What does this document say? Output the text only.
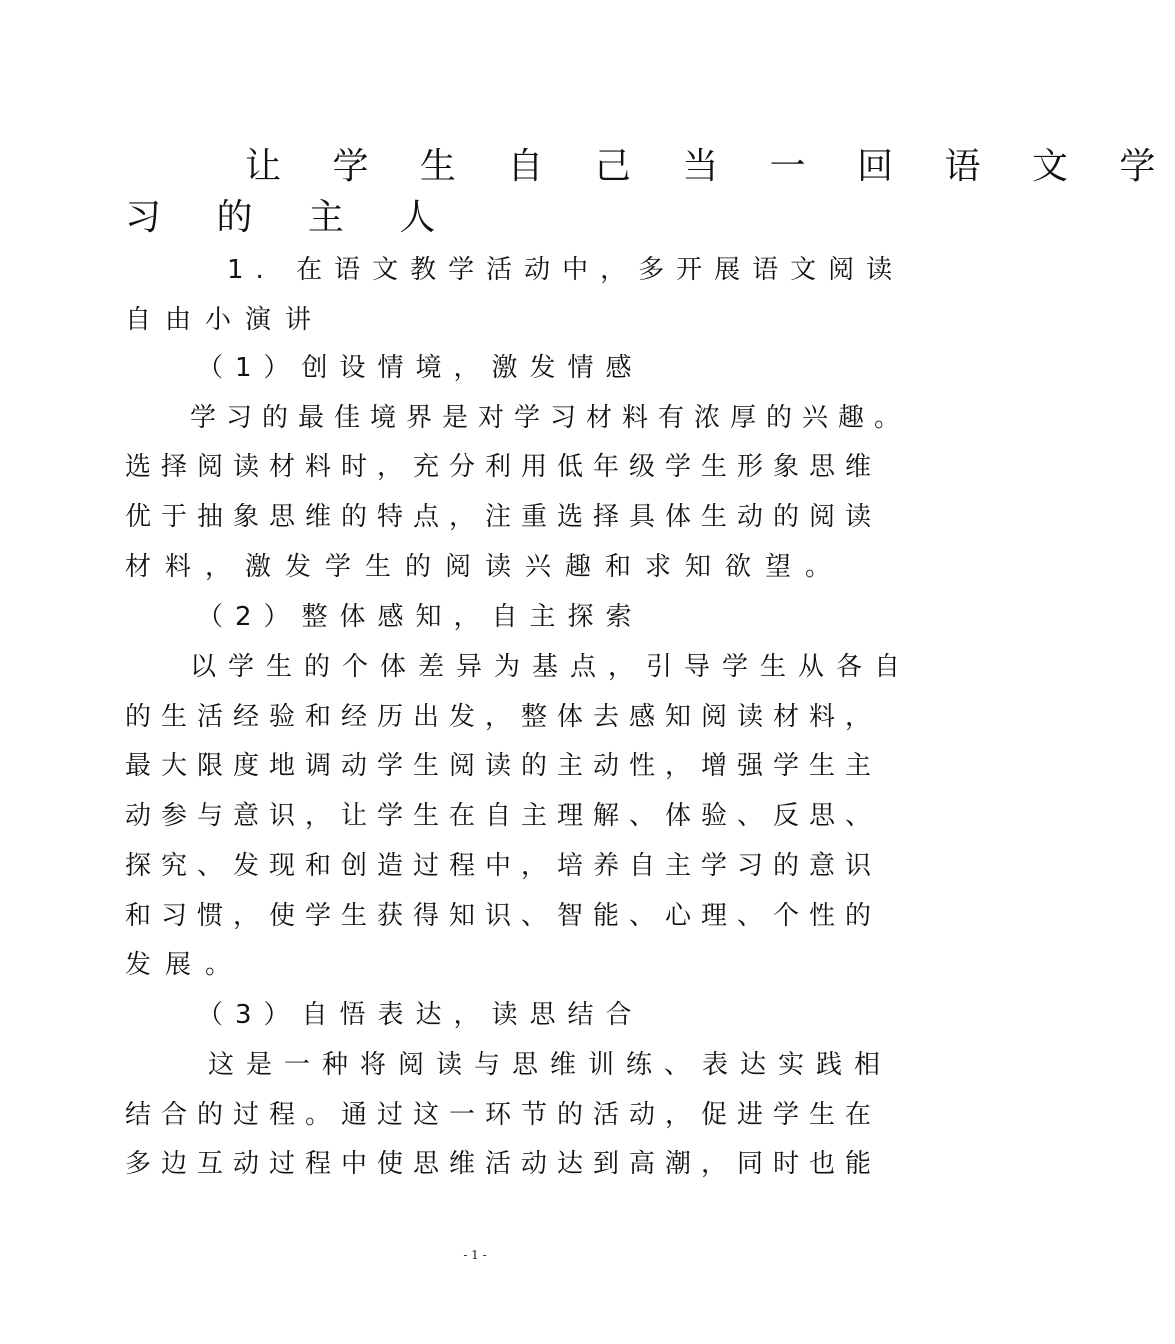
让 学 生 自 己 当 一 回 语 文 学
习 的 主 人
1. 在语文教学活动中，多开展语文阅读
自由小演讲
（1）创设情境，激发情感
学习的最佳境界是对学习材料有浓厚的兴趣。
选择阅读材料时，充分利用低年级学生形象思维
优于抽象思维的特点，注重选择具体生动的阅读
材料，激发学生的阅读兴趣和求知欲望。
（2）整体感知，自主探索
以学生的个体差异为基点，引导学生从各自
的生活经验和经历出发，整体去感知阅读材料，
最大限度地调动学生阅读的主动性，增强学生主
动参与意识，让学生在自主理解、体验、反思、
探究、发现和创造过程中，培养自主学习的意识
和习惯，使学生获得知识、智能、心理、个性的
发展。
（3）自悟表达，读思结合
这是一种将阅读与思维训练、表达实践相
结合的过程。通过这一环节的活动，促进学生在
多边互动过程中使思维活动达到高潮，同时也能
- 1 -
